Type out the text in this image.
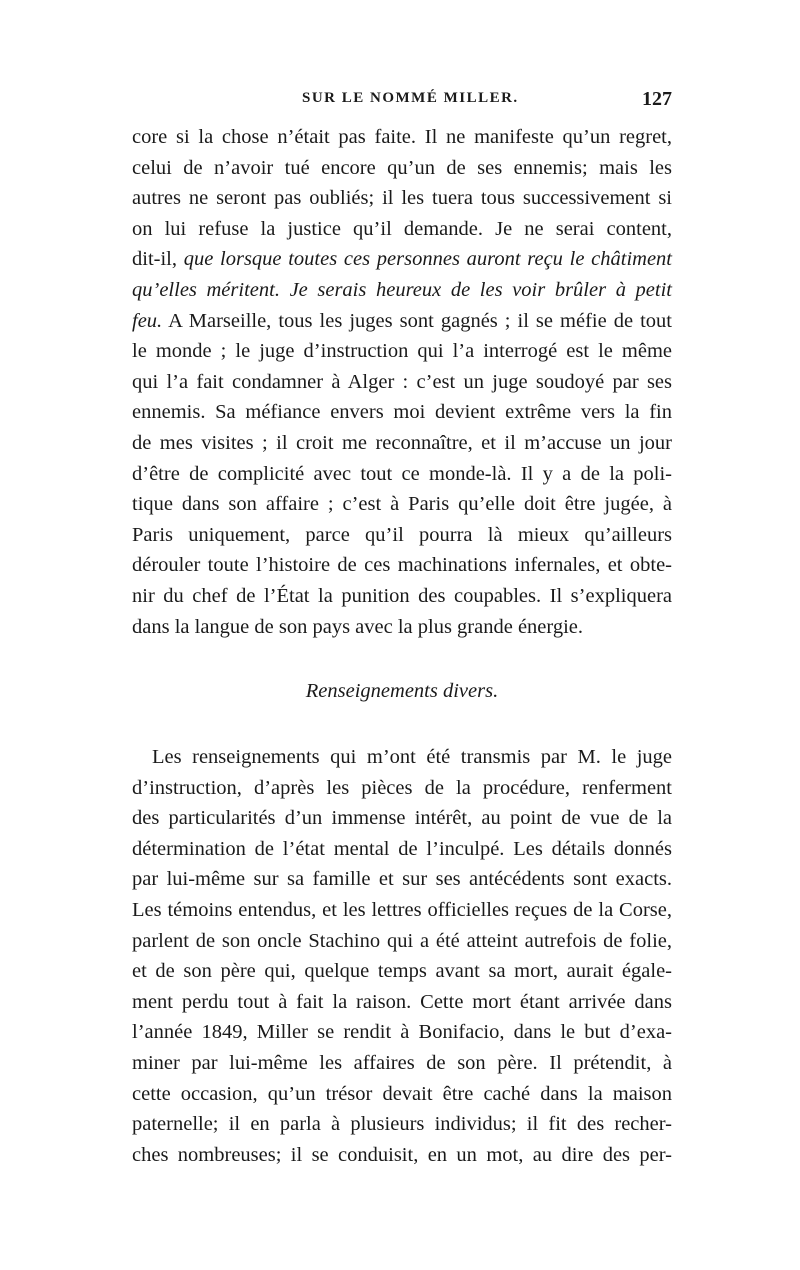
SUR LE NOMMÉ MILLER.	127
core si la chose n’était pas faite. Il ne manifeste qu’un regret,
celui de n’avoir tué encore qu’un de ses ennemis; mais les
autres ne seront pas oubliés; il les tuera tous successivement si
on lui refuse la justice qu’il demande. Je ne serai content,
dit-il, que lorsque toutes ces personnes auront reçu le châtiment
qu’elles méritent. Je serais heureux de les voir brûler à petit
feu. A Marseille, tous les juges sont gagnés ; il se méfie de tout
le monde ; le juge d’instruction qui l’a interrogé est le même
qui l’a fait condamner à Alger : c’est un juge soudoyé par ses
ennemis. Sa méfiance envers moi devient extrême vers la fin
de mes visites ; il croit me reconnaître, et il m’accuse un jour
d’être de complicité avec tout ce monde-là. Il y a de la poli-
tique dans son affaire ; c’est à Paris qu’elle doit être jugée, à
Paris uniquement, parce qu’il pourra là mieux qu’ailleurs
dérouler toute l’histoire de ces machinations infernales, et obte-
nir du chef de l’État la punition des coupables. Il s’expliquera
dans la langue de son pays avec la plus grande énergie.
Renseignements divers.
Les renseignements qui m’ont été transmis par M. le juge
d’instruction, d’après les pièces de la procédure, renferment
des particularités d’un immense intérêt, au point de vue de la
détermination de l’état mental de l’inculpé. Les détails donnés
par lui-même sur sa famille et sur ses antécédents sont exacts.
Les témoins entendus, et les lettres officielles reçues de la Corse,
parlent de son oncle Stachino qui a été atteint autrefois de folie,
et de son père qui, quelque temps avant sa mort, aurait égale-
ment perdu tout à fait la raison. Cette mort étant arrivée dans
l’année 1849, Miller se rendit à Bonifacio, dans le but d’exa-
miner par lui-même les affaires de son père. Il prétendit, à
cette occasion, qu’un trésor devait être caché dans la maison
paternelle; il en parla à plusieurs individus; il fit des recher-
ches nombreuses; il se conduisit, en un mot, au dire des per-
